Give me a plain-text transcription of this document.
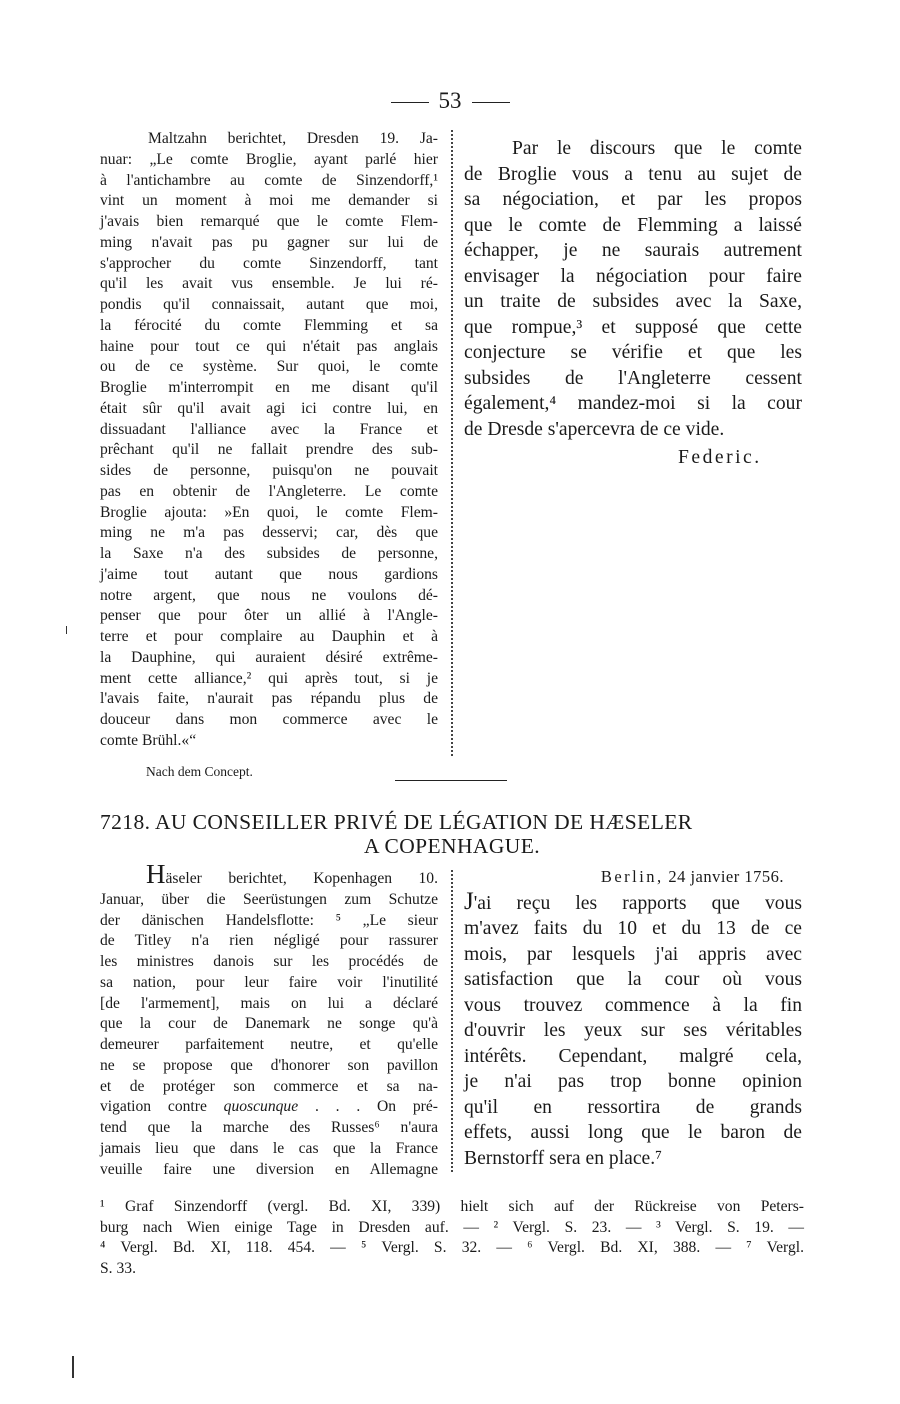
53
Maltzahn berichtet, Dresden 19. Ja-
nuar: „Le comte Broglie, ayant parlé hier
à l'antichambre au comte de Sinzendorff,¹
vint un moment à moi me demander si
j'avais bien remarqué que le comte Flem-
ming n'avait pas pu gagner sur lui de
s'approcher du comte Sinzendorff, tant
qu'il les avait vus ensemble. Je lui ré-
pondis qu'il connaissait, autant que moi,
la férocité du comte Flemming et sa
haine pour tout ce qui n'était pas anglais
ou de ce système. Sur quoi, le comte
Broglie m'interrompit en me disant qu'il
était sûr qu'il avait agi ici contre lui, en
dissuadant l'alliance avec la France et
prêchant qu'il ne fallait prendre des sub-
sides de personne, puisqu'on ne pouvait
pas en obtenir de l'Angleterre. Le comte
Broglie ajouta: »En quoi, le comte Flem-
ming ne m'a pas desservi; car, dès que
la Saxe n'a des subsides de personne,
j'aime tout autant que nous gardions
notre argent, que nous ne voulons dé-
penser que pour ôter un allié à l'Angle-
terre et pour complaire au Dauphin et à
la Dauphine, qui auraient désiré extrême-
ment cette alliance,² qui après tout, si je
l'avais faite, n'aurait pas répandu plus de
douceur dans mon commerce avec le
comte Brühl.«“
Par le discours que le comte
de Broglie vous a tenu au sujet de
sa négociation, et par les propos
que le comte de Flemming a laissé
échapper, je ne saurais autrement
envisager la négociation pour faire
un traite de subsides avec la Saxe,
que rompue,³ et supposé que cette
conjecture se vérifie et que les
subsides de l'Angleterre cessent
également,⁴ mandez-moi si la cour
de Dresde s'apercevra de ce vide.
Federic.
Nach dem Concept.
7218. AU CONSEILLER PRIVÉ DE LÉGATION DE HÆSELER
A COPENHAGUE.
Häseler berichtet, Kopenhagen 10.
Januar, über die Seerüstungen zum Schutze
der dänischen Handelsflotte: ⁵ „Le sieur
de Titley n'a rien négligé pour rassurer
les ministres danois sur les procédés de
sa nation, pour leur faire voir l'inutilité
[de l'armement], mais on lui a déclaré
que la cour de Danemark ne songe qu'à
demeurer parfaitement neutre, et qu'elle
ne se propose que d'honorer son pavillon
et de protéger son commerce et sa na-
vigation contre quoscunque . . . On pré-
tend que la marche des Russes⁶ n'aura
jamais lieu que dans le cas que la France
veuille faire une diversion en Allemagne
Berlin, 24 janvier 1756.
J'ai reçu les rapports que vous
m'avez faits du 10 et du 13 de ce
mois, par lesquels j'ai appris avec
satisfaction que la cour où vous
vous trouvez commence à la fin
d'ouvrir les yeux sur ses véritables
intérêts. Cependant, malgré cela,
je n'ai pas trop bonne opinion
qu'il en ressortira de grands
effets, aussi long que le baron de
Bernstorff sera en place.⁷
¹ Graf Sinzendorff (vergl. Bd. XI, 339) hielt sich auf der Rückreise von Peters-
burg nach Wien einige Tage in Dresden auf. — ² Vergl. S. 23. — ³ Vergl. S. 19. —
⁴ Vergl. Bd. XI, 118. 454. — ⁵ Vergl. S. 32. — ⁶ Vergl. Bd. XI, 388. — ⁷ Vergl.
S. 33.
